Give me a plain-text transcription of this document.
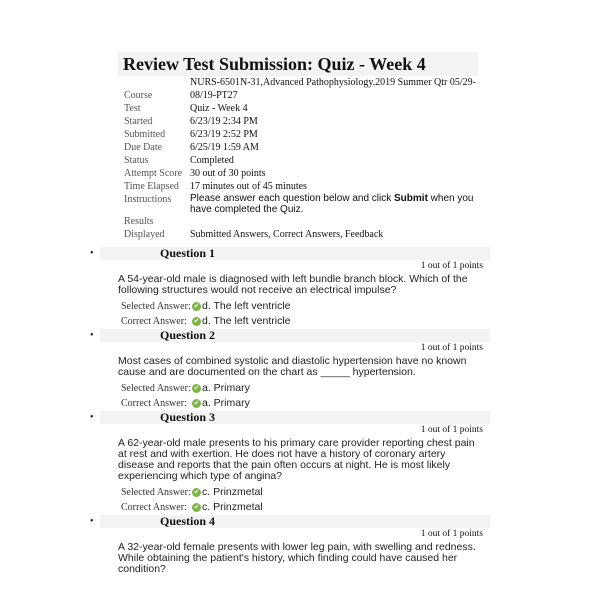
Review Test Submission: Quiz - Week 4
Course	NURS-6501N-31,Advanced Pathophysiology.2019 Summer Qtr 05/29-08/19-PT27
Test	Quiz - Week 4
Started	6/23/19 2:34 PM
Submitted	6/23/19 2:52 PM
Due Date	6/25/19 1:59 AM
Status	Completed
Attempt Score	30 out of 30 points
Time Elapsed	17 minutes out of 45 minutes
Instructions	Please answer each question below and click Submit when you have completed the Quiz.
Results Displayed	Submitted Answers, Correct Answers, Feedback
•	Question 1
1 out of 1 points
A 54-year-old male is diagnosed with left bundle branch block. Which of the following structures would not receive an electrical impulse?
Selected Answer: ✔ d. The left ventricle
Correct Answer: ✔ d. The left ventricle
•	Question 2
1 out of 1 points
Most cases of combined systolic and diastolic hypertension have no known cause and are documented on the chart as _____ hypertension.
Selected Answer: ✔ a. Primary
Correct Answer: ✔ a. Primary
•	Question 3
1 out of 1 points
A 62-year-old male presents to his primary care provider reporting chest pain at rest and with exertion. He does not have a history of coronary artery disease and reports that the pain often occurs at night. He is most likely experiencing which type of angina?
Selected Answer: ✔ c. Prinzmetal
Correct Answer: ✔ c. Prinzmetal
•	Question 4
1 out of 1 points
A 32-year-old female presents with lower leg pain, with swelling and redness. While obtaining the patient's history, which finding could have caused her condition?
